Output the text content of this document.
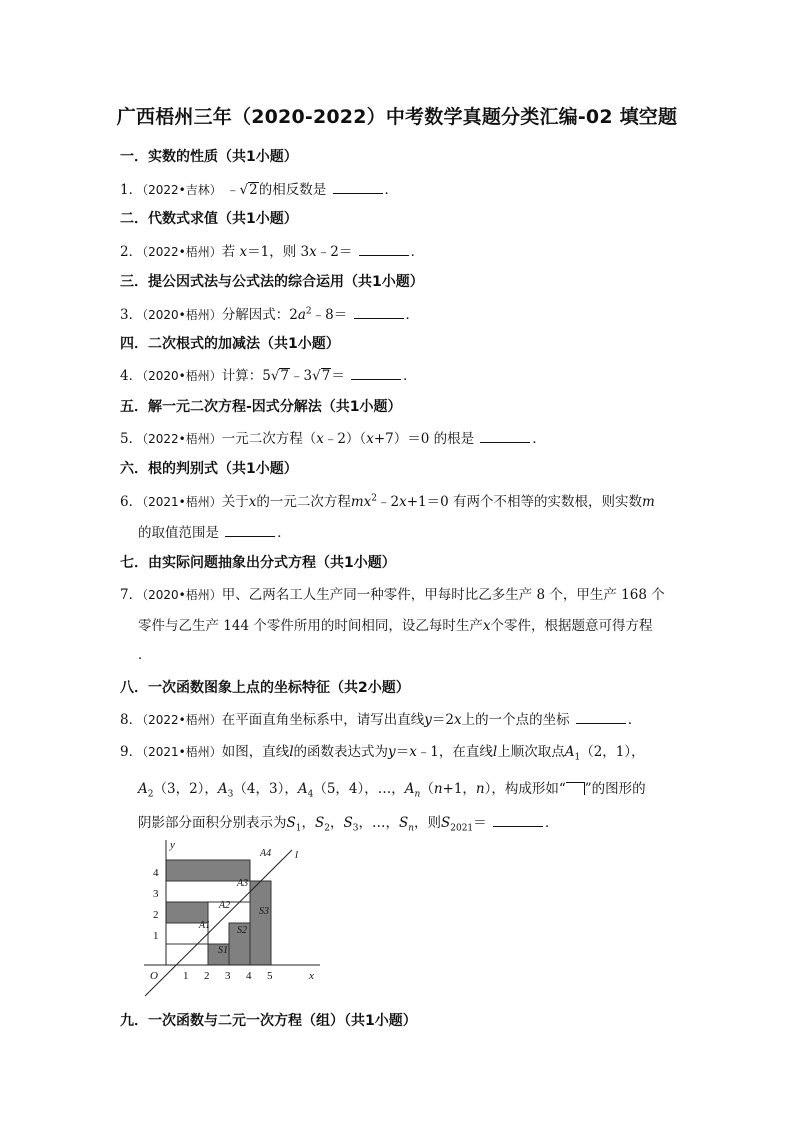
广西梧州三年（2020-2022）中考数学真题分类汇编-02 填空题
一．实数的性质（共1小题）
1．（2022•吉林） ﹣√2的相反数是	．
二．代数式求值（共1小题）
2．（2022•梧州）若 x＝1，则 3x﹣2＝	．
三．提公因式法与公式法的综合运用（共1小题）
3．（2020•梧州）分解因式：$2a^2﹣8=$	．
四．二次根式的加减法（共1小题）
4．（2020•梧州）计算：5√7﹣3√7＝	．
五．解一元二次方程-因式分解法（共1小题）
5．（2022•梧州）一元二次方程（x﹣2）（x+7）＝0 的根是	．
六．根的判别式（共1小题）
6．（2021•梧州）关于x的一元二次方程$mx^2﹣2x+1=0$ 有两个不相等的实数根，则实数m
的取值范围是	．
七．由实际问题抽象出分式方程（共1小题）
7．（2020•梧州）甲、乙两名工人生产同一种零件，甲每时比乙多生产 8 个，甲生产 168 个
零件与乙生产 144 个零件所用的时间相同，设乙每时生产x个零件，根据题意可得方程
．
八．一次函数图象上点的坐标特征（共2小题）
8．（2022•梧州）在平面直角坐标系中，请写出直线y＝2x上的一个点的坐标	．
9．（2021•梧州）如图，直线l的函数表达式为y＝x﹣1，在直线l上顺次取点$A_1(2$，1），
$A_2(3$，2），$A_3(4$，3），$A_4(5$，4），…，$A_n(n+1$，n），构成形如“ ”的图形的
阴影部分面积分别表示为$S_1$，$S_2$，$S_3$，…，$S_n$，则$S_{2021}=$	．
y
x
O
l
1 2 3 4 5
1
2
3
4
A1
A2
A3
A4
S1
S2
S3
九．一次函数与二元一次方程（组）（共1小题）
